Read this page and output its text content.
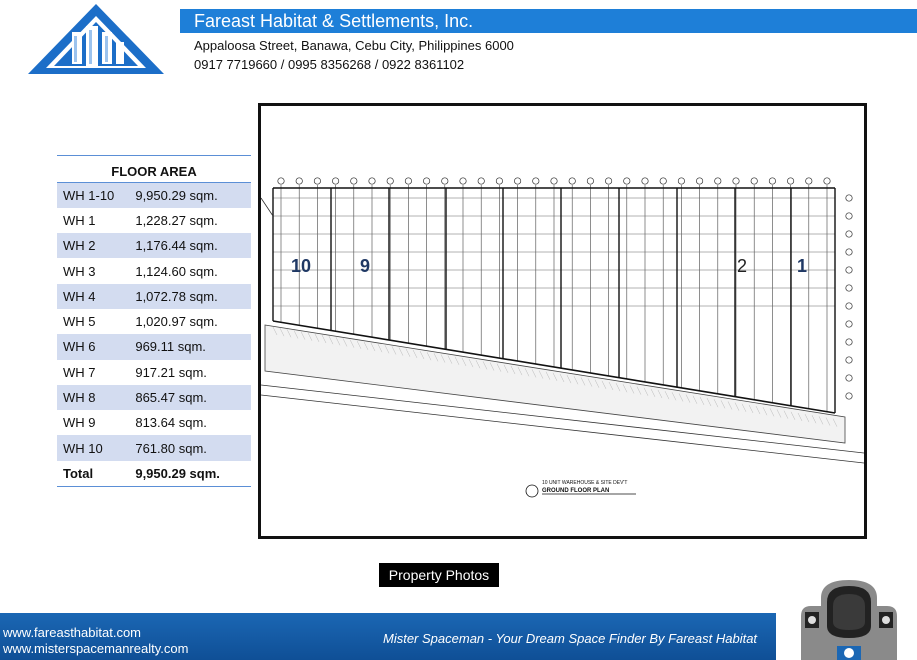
Fareast Habitat & Settlements, Inc.
Appaloosa Street, Banawa, Cebu City, Philippines 6000
0917 7719660 / 0995 8356268 / 0922 8361102
FLOOR AREA	
WH 1-10	9,950.29 sqm.
WH 1	1,228.27 sqm.
WH 2	1,176.44 sqm.
WH 3	1,124.60 sqm.
WH 4	1,072.78 sqm.
WH 5	1,020.97 sqm.
WH 6	969.11 sqm.
WH 7	917.21 sqm.
WH 8	865.47 sqm.
WH 9	813.64 sqm.
WH 10	761.80 sqm.
Total	9,950.29 sqm.
10 UNIT WAREHOUSE & SITE DEV'T
GROUND FLOOR PLAN
10	9	2	1
Property Photos
www.fareasthabitat.com
www.misterspacemanrealty.com
Mister Spaceman - Your Dream Space Finder By Fareast Habitat
